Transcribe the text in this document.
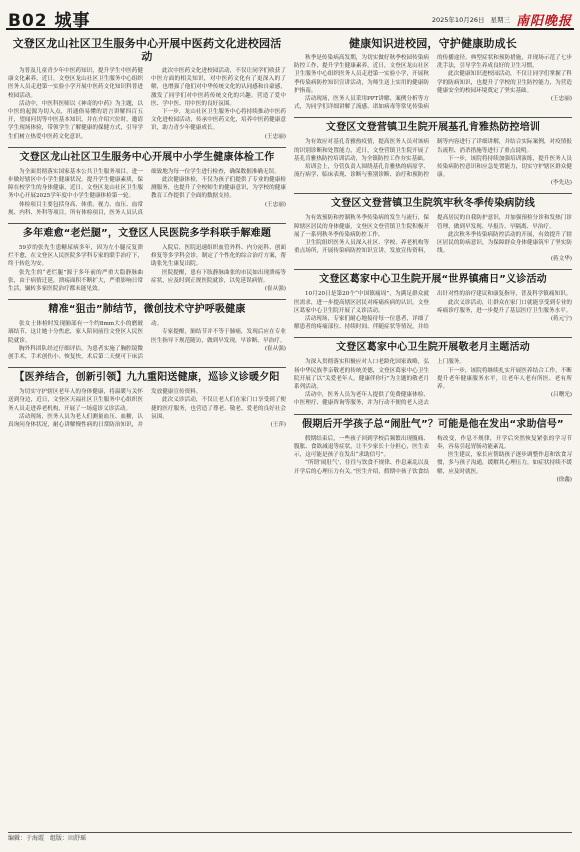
B02 城事	2025年10月26日 星期三 南阳晚报
文登区龙山社区卫生服务中心开展中医药文化进校园活动

为普及儿童青少年中医药知识，提升学生中医药健康文化素养，近日，文登区龙山社区卫生服务中心组织医务人员走进第一实验小学开展中医药文化知识科普进校园活动。

活动中，中医科医师以《神奇的中药》为主题，以中医的起源为切入点，用通俗易懂的语言讲解四百五开，望闻问切等中医基本知识，并在介绍穴位时，邀请学生现场体验，带领学生了解健康的保健方式，引导学生们树立热爱中医药文化意识。

此次中医药文化进校园活动，不仅让同学们收获了中医方面的相关知识，对中医药文化有了更深入的了解，也增强了他们对中华传统文化的认同感和自豪感，激发了同学们对中医药传统文化的兴趣。营造了爱中医、学中医、用中医的良好氛围。

下一步，龙山社区卫生服务中心将持续推动中医药文化进校园活动，传承中医药文化，培养中医药健康意识，助力青少年健康成长。

(王忠丽)
文登区龙山社区卫生服务中心开展中小学生健康体检工作

为全面贯彻落实国家基本公共卫生服务项目，进一步做好辖区中小学生健康状况，提升学生健康素质，保障在校学生的身体健康，近日，文登区龙山社区卫生服务中心开展2025学年度中小学生健康体检第一轮。

体检项目主要包括身高、体重、视力、血压、血常规、内科、外科等项目，所有体检项目，医务人员认真细致地为每一位学生进行检查，确保数据准确无误。

此次健康体检，不仅为孩子们提供了专业的健康检测服务，也提升了全校师生的健康意识，为学校的健康教育工作提供了全面的数据支持。

(王忠丽)
多年难愈“老烂腿”，文登区人民医院多学科联手解难题

59岁的张先生患糖尿病多年，因为左小腿反复溃烂不愈，在文登区人民医院多学科专家的联手治疗下，终于转危为安。

张先生的“老烂腿”源于多年前的严重大隐静脉曲张，由于病情迁延，溃疡面积不断扩大，严重影响日常生活，辗转多家医院治疗都未能见效。

入院后，医院迅速组织血管外科、内分泌科、创面修复等多学科会诊，制定了个性化的综合治疗方案，帮助张先生康复出院。

医院提醒，患有下肢静脉曲张的市民如出现溃疡等症状，应及时到正规医院就诊，以免延误病情。

(崔从强)
精准“狙击”肺结节，微创技术守护呼吸健康

张女士体检时发现肺部有一个约8mm大小的磨玻璃结节，这让她十分焦虑，家人陪同前往文登区人民医院就诊。

胸外科团队经过仔细评估，为患者实施了胸腔镜微创手术，手术创伤小、恢复快，术后第二天便可下床活动。

专家提醒，肺结节并不等于肺癌，发现后应在专业医生指导下规范随访，做到早发现、早诊断、早治疗。

(崔从强)
【医养结合，创新引领】九九重阳送健康，巡诊义诊暖夕阳

为切实守护辖区老年人的身体健康，将温暖与关怀送到身边，近日，文登区天福社区卫生服务中心组织医务人员走进养老机构，开展了一场巡诊义诊活动。

活动现场，医务人员为老人们测量血压、血糖，认真询问身体状况，耐心讲解慢性病的日常防治知识，并发放健康宣传资料。

此次义诊活动，不仅让老人们在家门口享受到了便捷的医疗服务，也营造了尊老、敬老、爱老的良好社会氛围。

(王萍)
健康知识进校园，守护健康助成长

秋季是传染病高发期，为切实做好秋季校园传染病防控工作，提升学生健康素养，近日，文登区龙山社区卫生服务中心组织医务人员走进第一实验小学，开展秋季传染病防控知识宣讲活动，为师生送上实用的健康防护指南。

活动现场，医务人员采用PPT讲解、案例分析等方式，为同学们详细讲解了流感、诺如病毒等常见传染病的传播途径、典型症状和预防措施，并现场示范了七步洗手法，引导学生养成良好的卫生习惯。

此次健康知识进校园活动，不仅让同学们掌握了科学的防病知识，也提升了学校的卫生防控能力，为营造健康安全的校园环境奠定了坚实基础。

(王忠丽)
文登区文登营镇卫生院开展基孔肯雅热防控培训

为有效应对基孔肯雅热疫情，提高医务人员对该病的识别诊断和处置能力，近日，文登营镇卫生院开展了基孔肯雅热防控培训活动，为全镇防控工作夯实基础。

培训会上，分管负责人围绕基孔肯雅热的病原学、流行病学、临床表现、诊断与鉴别诊断、治疗和预防控制等内容进行了详细讲解，并结合实际案例，对疫情报告流程、消杀措施等进行了重点说明。

下一步，该院将持续加强培训演练，提升医务人员传染病防控意识和应急处置能力，切实守护辖区群众健康。

(李先达)
文登区文登营镇卫生院筑牢秋冬季传染病防线

为有效预防和控制秋冬季传染病的发生与流行，保障辖区居民的身体健康，文登区文登营镇卫生院积极开展了一系列秋冬季传染病防控工作。

卫生院组织医务人员深入社区、学校、养老机构等重点场所，开展传染病防控知识宣讲，发放宣传资料，提高居民的自我防护意识，并加强预检分诊和发热门诊管理，做到早发现、早报告、早隔离、早治疗。

此次秋冬季传染病防控活动的开展，有效提升了辖区居民的防病意识，为保障群众身体健康筑牢了坚实防线。

(蒋文华)
文登区葛家中心卫生院开展“世界镇痛日”义诊活动

10月20日是第20个“中国镇痛周”，为满足群众就医需求，进一步提高辖区居民对疼痛疾病的认识，文登区葛家中心卫生院开展了义诊活动。

活动现场，专家们耐心地接待每一位患者，详细了解患者的疼痛部位、持续时间、伴随症状等情况，并给出针对性的治疗建议和康复指导，普及科学镇痛知识。

此次义诊活动，让群众在家门口就能享受到专业的疼痛诊疗服务，进一步提升了基层医疗卫生服务水平。

(蒋元宁)
文登区葛家中心卫生院开展敬老月主题活动

为深入贯彻落实积极应对人口老龄化国家战略，弘扬中华民族孝亲敬老的传统美德，文登区葛家中心卫生院开展了以“关爱老年人，健康伴你行”为主题的敬老月系列活动。

活动中，医务人员为老年人提供了免费健康体检、中医理疗、健康咨询等服务，并为行动不便的老人送去上门服务。

下一步，该院将继续扎实开展医养结合工作，不断提升老年健康服务水平，让老年人老有所医、老有所养。

(吕曙光)
假期后开学孩子总“闹肚气”？可能是他在发出“求助信号”

假期结束后，一些孩子回到学校后频繁出现腹痛、腹胀、食欲减退等症状，让不少家长十分担心，医生表示，这可能是孩子在发出“求助信号”。

“所谓‘闹肚气’，往往与饮食不规律、作息紊乱以及开学后的心理压力有关。”医生介绍，假期中孩子饮食结构改变，作息不规律，开学后突然恢复紧张的学习节奏，容易引起胃肠功能紊乱。

医生建议，家长应帮助孩子逐步调整作息和饮食习惯，多与孩子沟通，缓解其心理压力，如症状持续不缓解，应及时就医。

(徐鑫)
编辑：于海霞　组版：田舒瑶
